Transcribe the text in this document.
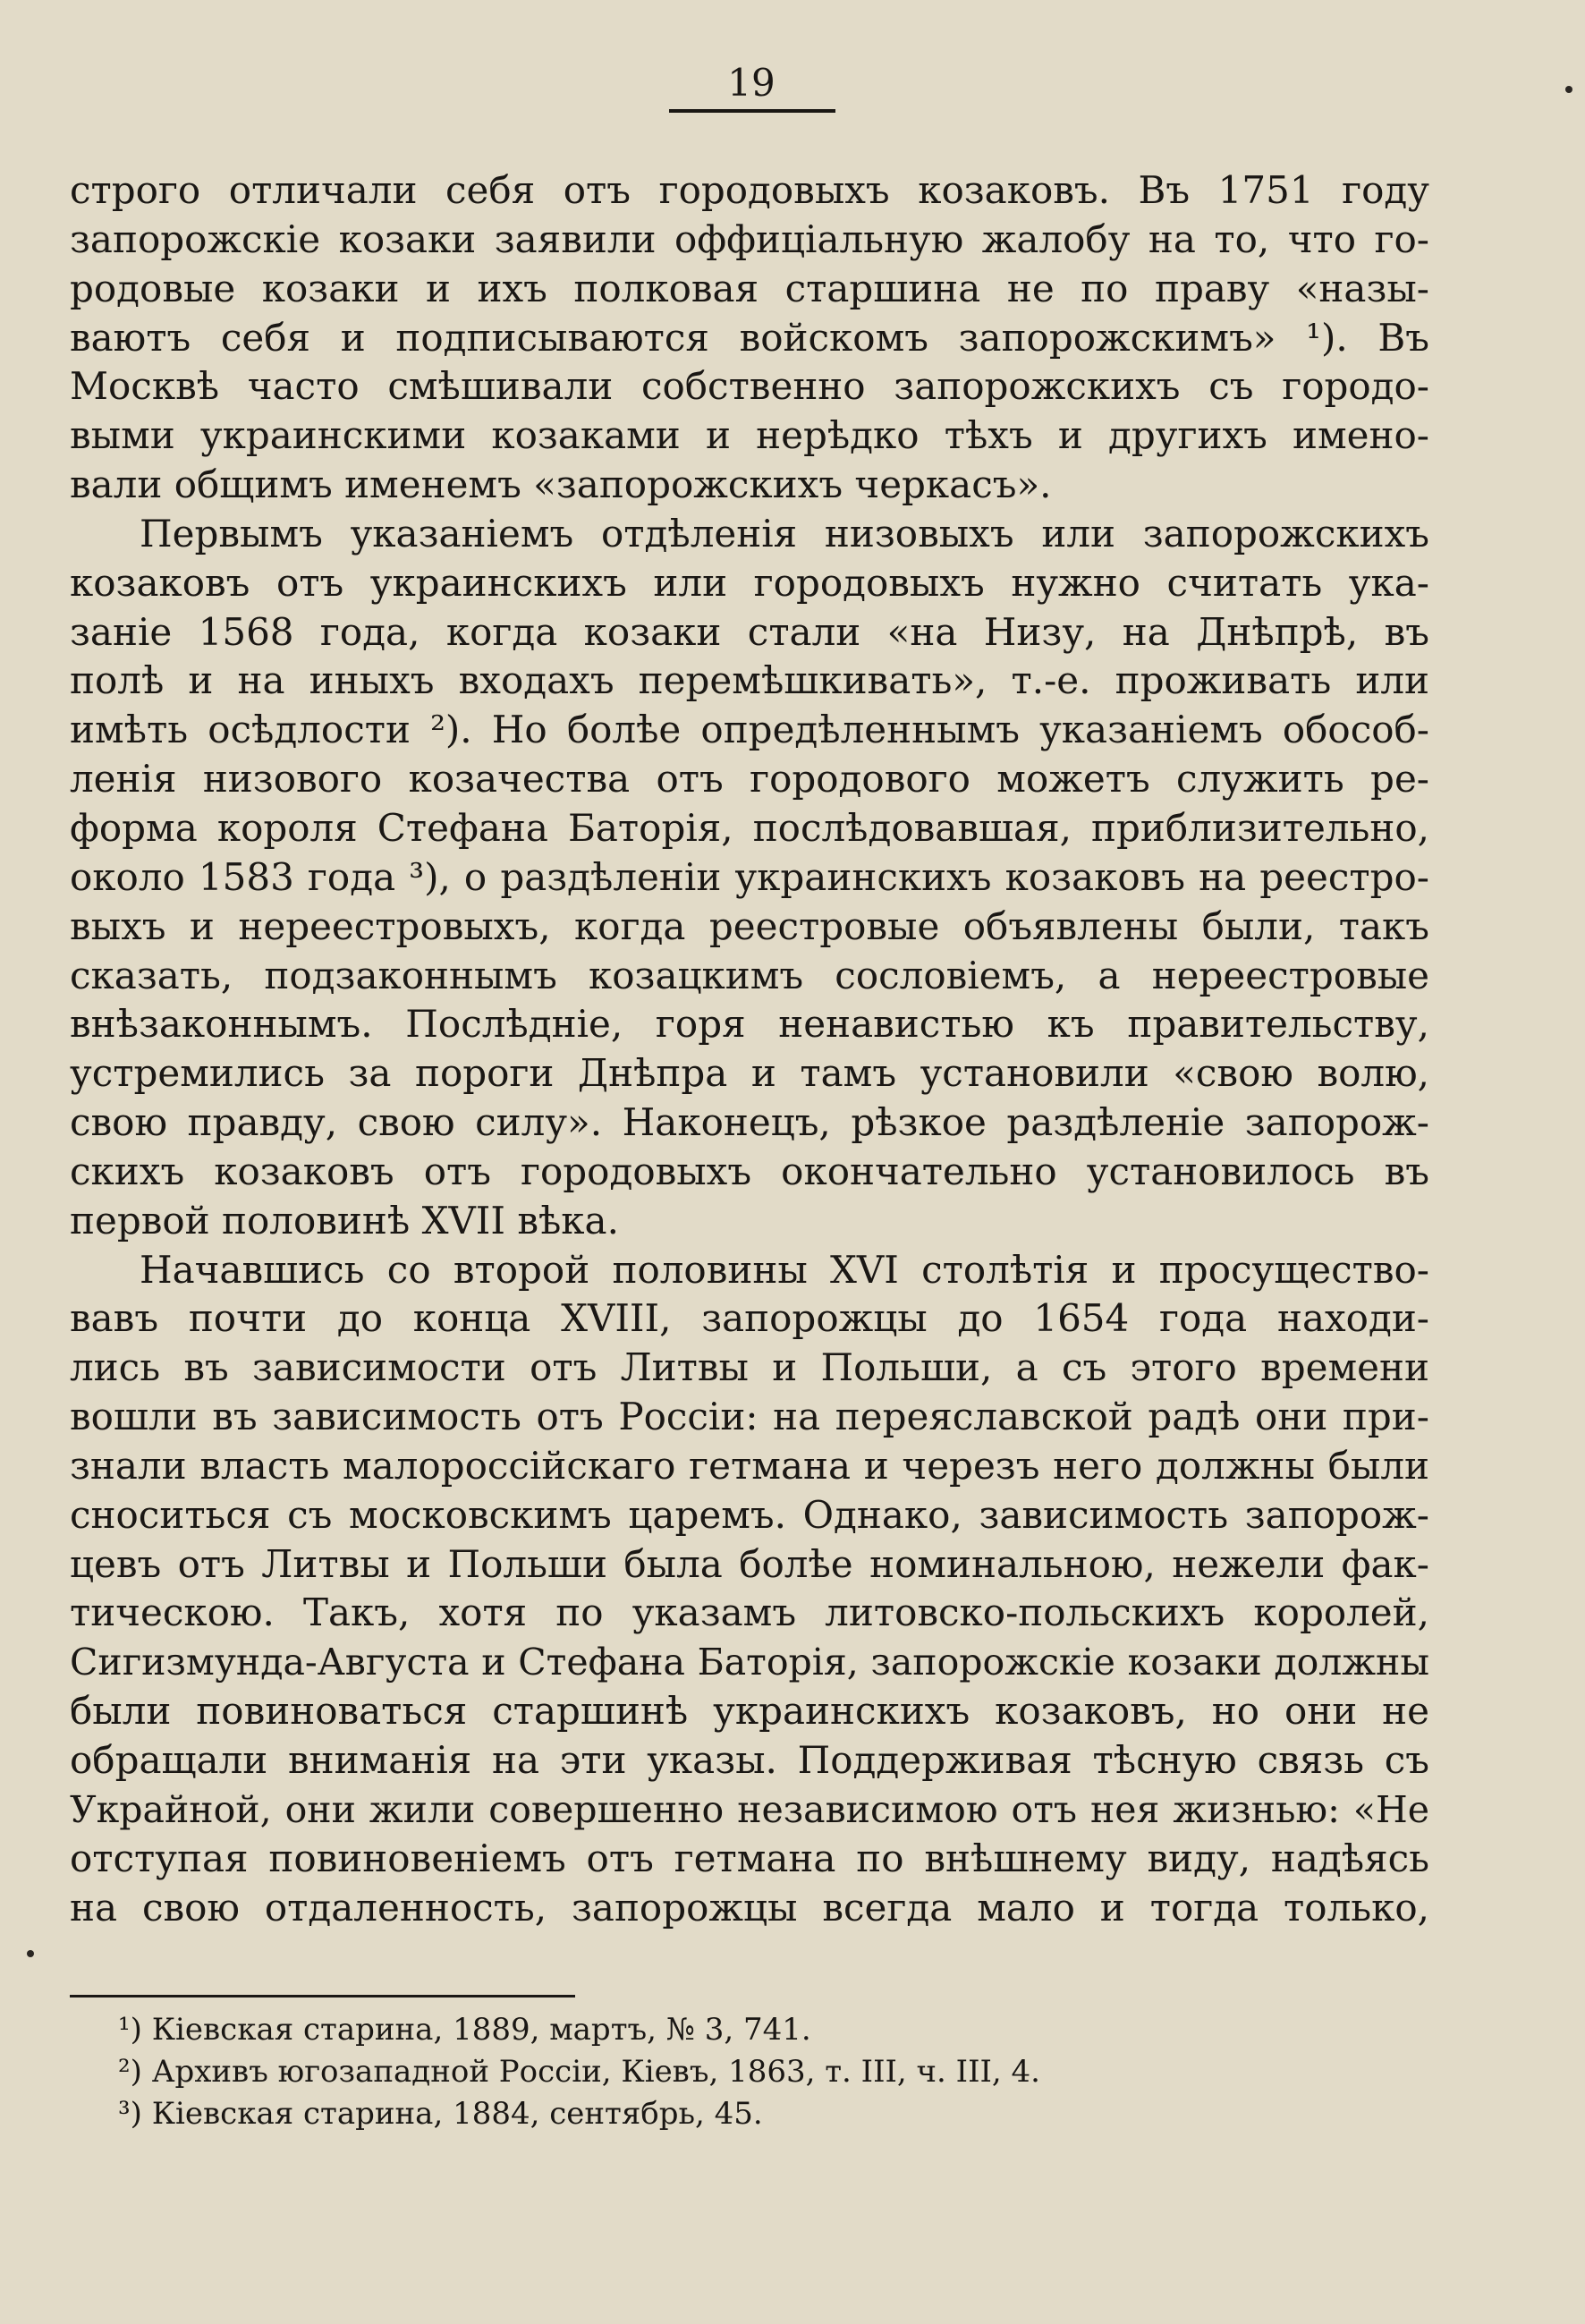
19
строго отличали себя отъ городовыхъ козаковъ. Въ 1751 году
запорожскіе козаки заявили оффиціальную жалобу на то, что го-
родовые козаки и ихъ полковая старшина не по праву «назы-
ваютъ себя и подписываются войскомъ запорожскимъ» ¹). Въ
Москвѣ часто смѣшивали собственно запорожскихъ съ городо-
выми украинскими козаками и нерѣдко тѣхъ и другихъ имено-
вали общимъ именемъ «запорожскихъ черкасъ».
Первымъ указаніемъ отдѣленія низовыхъ или запорожскихъ
козаковъ отъ украинскихъ или городовыхъ нужно считать ука-
заніе 1568 года, когда козаки стали «на Низу, на Днѣпрѣ, въ
полѣ и на иныхъ входахъ перемѣшкивать», т.-е. проживать или
имѣть осѣдлости ²). Но болѣе опредѣленнымъ указаніемъ обособ-
ленія низового козачества отъ городового можетъ служить ре-
форма короля Стефана Баторія, послѣдовавшая, приблизительно,
около 1583 года ³), о раздѣленіи украинскихъ козаковъ на реестро-
выхъ и нереестровыхъ, когда реестровые объявлены были, такъ
сказать, подзаконнымъ козацкимъ сословіемъ, а нереестровые
внѣзаконнымъ. Послѣдніе, горя ненавистью къ правительству,
устремились за пороги Днѣпра и тамъ установили «свою волю,
свою правду, свою силу». Наконецъ, рѣзкое раздѣленіе запорож-
скихъ козаковъ отъ городовыхъ окончательно установилось въ
первой половинѣ XVII вѣка.
Начавшись со второй половины XVI столѣтія и просущество-
вавъ почти до конца XVIII, запорожцы до 1654 года находи-
лись въ зависимости отъ Литвы и Польши, а съ этого времени
вошли въ зависимость отъ Россіи: на переяславской радѣ они при-
знали власть малороссійскаго гетмана и черезъ него должны были
сноситься съ московскимъ царемъ. Однако, зависимость запорож-
цевъ отъ Литвы и Польши была болѣе номинальною, нежели фак-
тическою. Такъ, хотя по указамъ литовско-польскихъ королей,
Сигизмунда-Августа и Стефана Баторія, запорожскіе козаки должны
были повиноваться старшинѣ украинскихъ козаковъ, но они не
обращали вниманія на эти указы. Поддерживая тѣсную связь съ
Украйной, они жили совершенно независимою отъ нея жизнью: «Не
отступая повиновеніемъ отъ гетмана по внѣшнему виду, надѣясь
на свою отдаленность, запорожцы всегда мало и тогда только,
¹) Кіевская старина, 1889, мартъ, № 3, 741.
²) Архивъ югозападной Россіи, Кіевъ, 1863, т. III, ч. III, 4.
³) Кіевская старина, 1884, сентябрь, 45.
